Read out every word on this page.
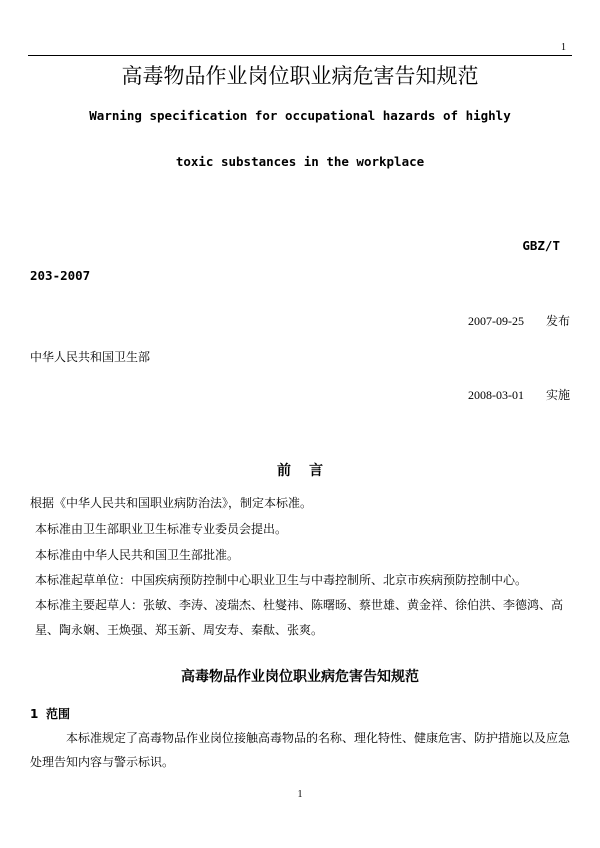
1
高毒物品作业岗位职业病危害告知规范
Warning specification for occupational hazards of highly
toxic substances in the workplace
GBZ/T
203-2007
2007-09-25 发布
中华人民共和国卫生部
2008-03-01 实施
前 言
根据《中华人民共和国职业病防治法》，制定本标准。
本标准由卫生部职业卫生标准专业委员会提出。
本标准由中华人民共和国卫生部批准。
本标准起草单位：中国疾病预防控制中心职业卫生与中毒控制所、北京市疾病预防控制中心。
本标准主要起草人：张敏、李涛、凌瑞杰、杜燮祎、陈曙旸、蔡世雄、黄金祥、徐伯洪、李德鸿、高星、陶永娴、王焕强、郑玉新、周安寿、秦酞、张爽。
高毒物品作业岗位职业病危害告知规范
1 范围
本标准规定了高毒物品作业岗位接触高毒物品的名称、理化特性、健康危害、防护措施以及应急处理告知内容与警示标识。
1
